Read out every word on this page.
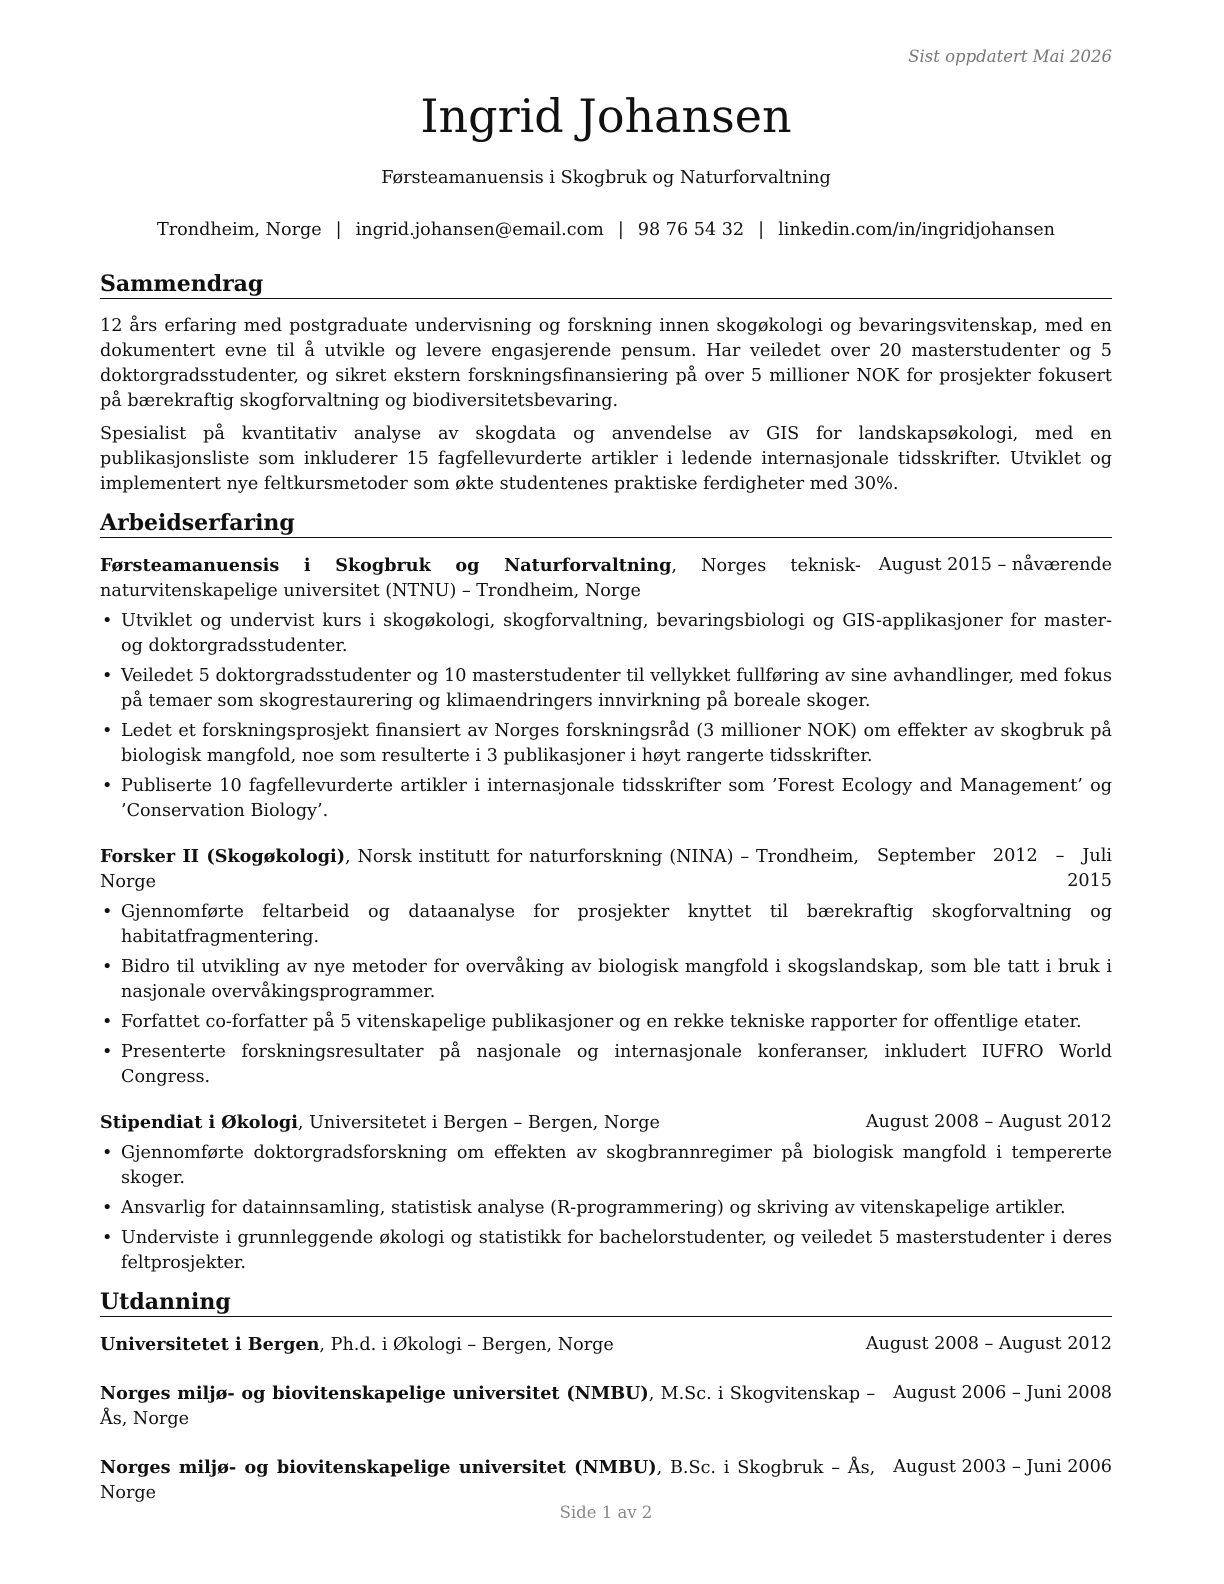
Sist oppdatert Mai 2026
Ingrid Johansen
Førsteamanuensis i Skogbruk og Naturforvaltning
Trondheim, Norge | ingrid.johansen@email.com | 98 76 54 32 | linkedin.com/in/ingridjohansen
Sammendrag

12 års erfaring med postgraduate undervisning og forskning innen skogøkologi og bevaringsvitenskap, med en dokumentert evne til å utvikle og levere engasjerende pensum. Har veiledet over 20 masterstudenter og 5 doktorgradsstudenter, og sikret ekstern forskningsfinansiering på over 5 millioner NOK for prosjekter fokusert på bærekraftig skogforvaltning og biodiversitetsbevaring.

Spesialist på kvantitativ analyse av skogdata og anvendelse av GIS for landskapsøkologi, med en publikasjonsliste som inkluderer 15 fagfellevurderte artikler i ledende internasjonale tidsskrifter. Utviklet og implementert nye feltkursmetoder som økte studentenes praktiske ferdigheter med 30%.

Arbeidserfaring
Førsteamanuensis i Skogbruk og Naturforvaltning, Norges teknisk-naturvitenskapelige universitet (NTNU) – Trondheim, Norge
August 2015 – nåværende
• Utviklet og undervist kurs i skogøkologi, skogforvaltning, bevaringsbiologi og GIS-applikasjoner for master- og doktorgradsstudenter.
• Veiledet 5 doktorgradsstudenter og 10 masterstudenter til vellykket fullføring av sine avhandlinger, med fokus på temaer som skogrestaurering og klimaendringers innvirkning på boreale skoger.
• Ledet et forskningsprosjekt finansiert av Norges forskningsråd (3 millioner NOK) om effekter av skogbruk på biologisk mangfold, noe som resulterte i 3 publikasjoner i høyt rangerte tidsskrifter.
• Publiserte 10 fagfellevurderte artikler i internasjonale tidsskrifter som ’Forest Ecology and Management’ og ’Conservation Biology’.
Forsker II (Skogøkologi), Norsk institutt for naturforskning (NINA) – Trondheim, Norge
September 2012 – Juli 2015
• Gjennomførte feltarbeid og dataanalyse for prosjekter knyttet til bærekraftig skogforvaltning og habitatfragmentering.
• Bidro til utvikling av nye metoder for overvåking av biologisk mangfold i skogslandskap, som ble tatt i bruk i nasjonale overvåkingsprogrammer.
• Forfattet co-forfatter på 5 vitenskapelige publikasjoner og en rekke tekniske rapporter for offentlige etater.
• Presenterte forskningsresultater på nasjonale og internasjonale konferanser, inkludert IUFRO World Congress.
Stipendiat i Økologi, Universitetet i Bergen – Bergen, Norge	August 2008 – August 2012
• Gjennomførte doktorgradsforskning om effekten av skogbrannregimer på biologisk mangfold i tempererte skoger.
• Ansvarlig for datainnsamling, statistisk analyse (R-programmering) og skriving av vitenskapelige artikler.
• Underviste i grunnleggende økologi og statistikk for bachelorstudenter, og veiledet 5 masterstudenter i deres feltprosjekter.
Utdanning
Universitetet i Bergen, Ph.d. i Økologi – Bergen, Norge	August 2008 – August 2012
Norges miljø- og biovitenskapelige universitet (NMBU), M.Sc. i Skogvitenskap – Ås, Norge
August 2006 – Juni 2008
Norges miljø- og biovitenskapelige universitet (NMBU), B.Sc. i Skogbruk – Ås, Norge
August 2003 – Juni 2006
Side 1 av 2
